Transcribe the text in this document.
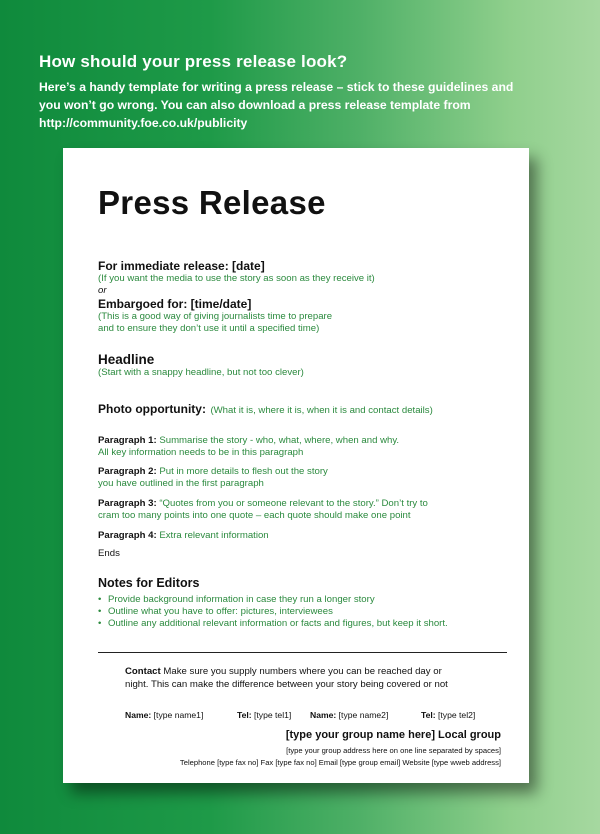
How should your press release look?

Here’s a handy template for writing a press release – stick to these guidelines and
you won’t go wrong. You can also download a press release template from
http://community.foe.co.uk/publicity

Press Release
For immediate release: [date]
(If you want the media to use the story as soon as they receive it)
or
Embargoed for: [time/date]
(This is a good way of giving journalists time to prepare
and to ensure they don’t use it until a specified time)
Headline
(Start with a snappy headline, but not too clever)
Photo opportunity: (What it is, where it is, when it is and contact details)
Paragraph 1: Summarise the story - who, what, where, when and why.
All key information needs to be in this paragraph
Paragraph 2: Put in more details to flesh out the story
you have outlined in the first paragraph
Paragraph 3: “Quotes from you or someone relevant to the story.” Don’t try to
cram too many points into one quote – each quote should make one point
Paragraph 4: Extra relevant information
Ends
Notes for Editors
• Provide background information in case they run a longer story
• Outline what you have to offer: pictures, interviewees
• Outline any additional relevant information or facts and figures, but keep it short.
Contact Make sure you supply numbers where you can be reached day or
night. This can make the difference between your story being covered or not
Name: [type name1]	Tel: [type tel1] Name: [type name2]	Tel: [type tel2]
[type your group name here] Local group
[type your group address here on one line separated by spaces]
Telephone [type fax no] Fax [type fax no] Email [type group email] Website [type wweb address]
